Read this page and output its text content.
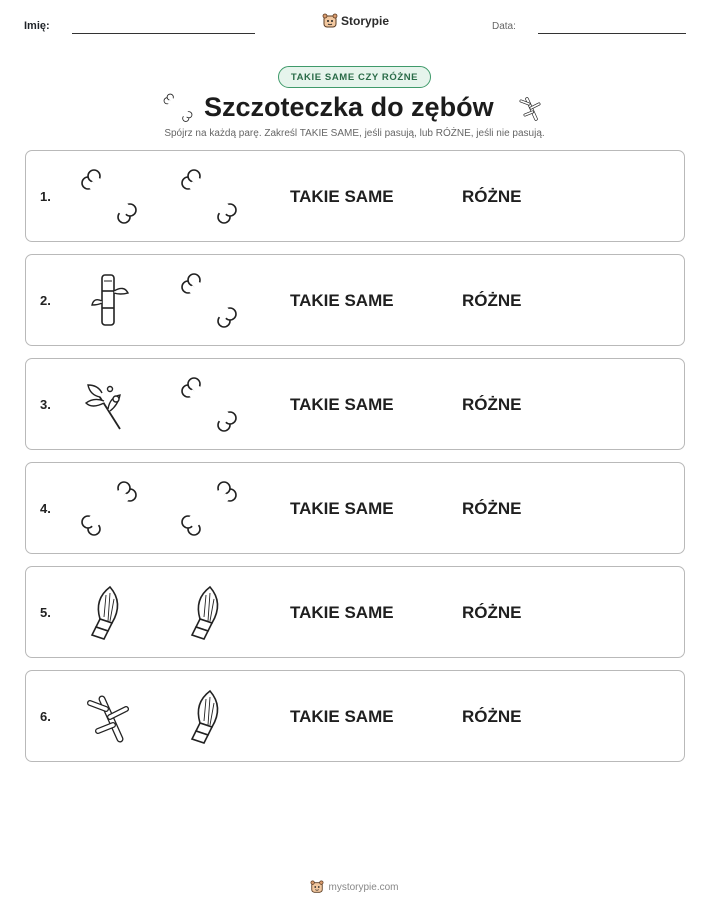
Imię:	Storypie	Data:
TAKIE SAME CZY RÓŻNE
Szczoteczka do zębów

Spójrz na każdą parę. Zakreśl TAKIE SAME, jeśli pasują, lub RÓŻNE, jeśli nie pasują.

1.	TAKIE SAME	RÓŻNE
2.	TAKIE SAME	RÓŻNE
3.	TAKIE SAME	RÓŻNE
4.	TAKIE SAME	RÓŻNE
5.	TAKIE SAME	RÓŻNE
6.	TAKIE SAME	RÓŻNE
mystorypie.com
